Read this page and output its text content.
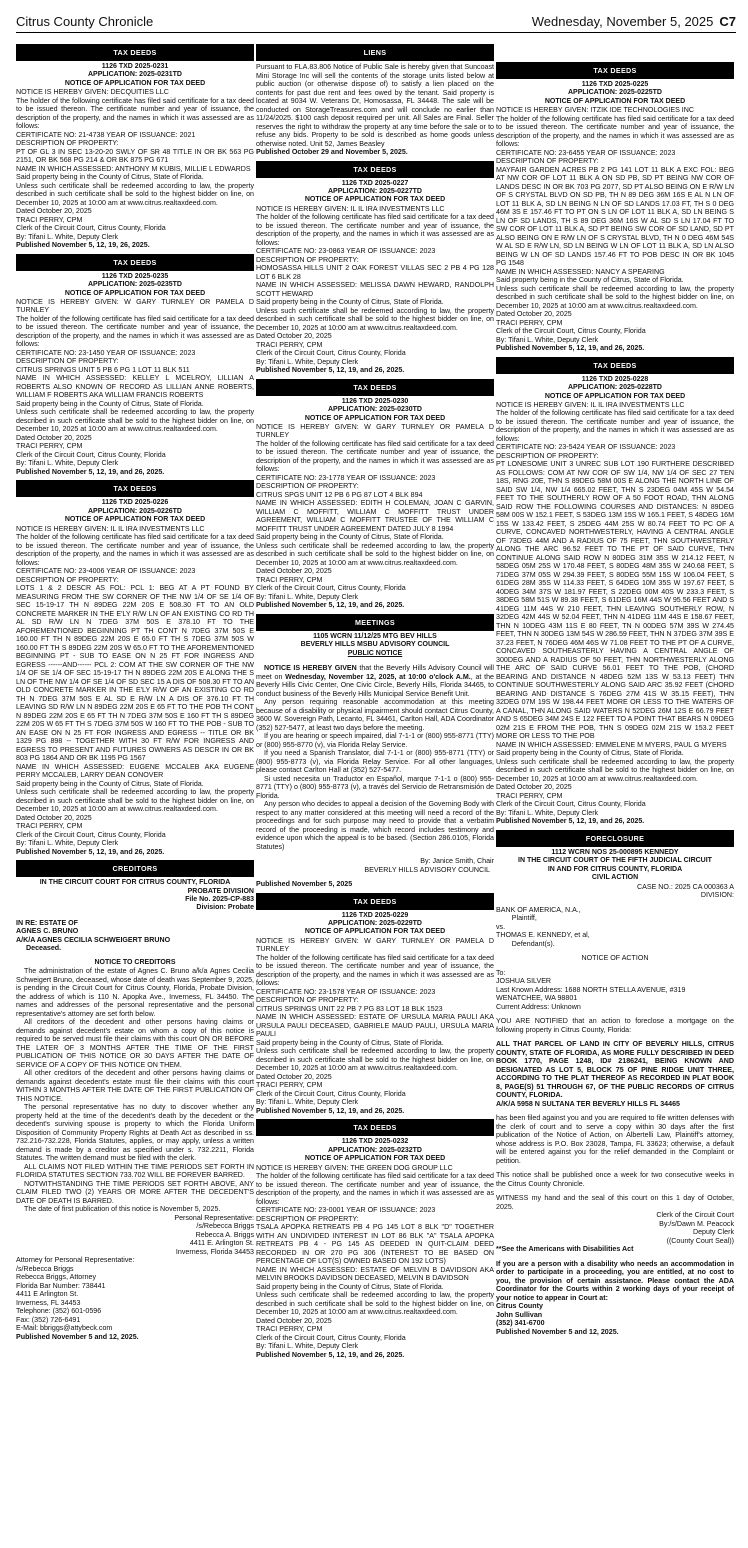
Citrus County Chronicle	Wednesday, November 5, 2025 C7
TAX DEEDS
1126 TXD 2025-0231
APPLICATION: 2025-0231TD
NOTICE OF APPLICATION FOR TAX DEED

NOTICE IS HEREBY GIVEN: DECQUITIES LLC
The holder of the following certificate has filed said certificate for a tax deed to be issued thereon. The certificate number and year of issuance, the description of the property, and the names in which it was assessed are as follows:
CERTIFICATE NO: 21-4738 YEAR OF ISSUANCE: 2021
DESCRIPTION OF PROPERTY:
PT OF GL 3 IN SEC 13-20-20 SWLY OF SR 48 TITLE IN OR BK 563 PG 2151, OR BK 568 PG 214 & OR BK 875 PG 671
NAME IN WHICH ASSESSED: ANTHONY M KUBIS, MILLIE L EDWARDS
Said property being in the County of Citrus, State of Florida.
Unless such certificate shall be redeemed according to law, the property described in such certificate shall be sold to the highest bidder on line, on December 10, 2025 at 10:00 am at www.citrus.realtaxdeed.com.
Dated October 20, 2025
TRACI PERRY, CPM
Clerk of the Circuit Court, Citrus County, Florida
By: Tifani L. White, Deputy Clerk

Published November 5, 12, 19, 26, 2025.

TAX DEEDS
1126 TXD 2025-0235
APPLICATION: 2025-0235TD
NOTICE OF APPLICATION FOR TAX DEED

NOTICE IS HEREBY GIVEN: W GARY TURNLEY OR PAMELA D TURNLEY
The holder of the following certificate has filed said certificate for a tax deed to be issued thereon. The certificate number and year of issuance, the description of the property, and the names in which it was assessed are as follows:
CERTIFICATE NO: 23-1450 YEAR OF ISSUANCE: 2023
DESCRIPTION OF PROPERTY:
CITRUS SPRINGS UNIT 5 PB 6 PG 1 LOT 11 BLK 511
NAME IN WHICH ASSESSED: KELLEY L MCELROY, LILLIAN A ROBERTS ALSO KNOWN OF RECORD AS LILLIAN ANNE ROBERTS, WILLIAM F ROBERTS AKA WILLIAM FRANCIS ROBERTS
Said property being in the County of Citrus, State of Florida.
Unless such certificate shall be redeemed according to law, the property described in such certificate shall be sold to the highest bidder on line, on December 10, 2025 at 10:00 am at www.citrus.realtaxdeed.com.
Dated October 20, 2025
TRACI PERRY, CPM
Clerk of the Circuit Court, Citrus County, Florida
By: Tifani L. White, Deputy Clerk

Published November 5, 12, 19, and 26, 2025.

TAX DEEDS
1126 TXD 2025-0226
APPLICATION: 2025-0226TD
NOTICE OF APPLICATION FOR TAX DEED

NOTICE IS HEREBY GIVEN: IL IL IRA INVESTMENTS LLC
The holder of the following certificate has filed said certificate for a tax deed to be issued thereon. The certificate number and year of issuance, the description of the property, and the names in which it was assessed are as follows:
CERTIFICATE NO: 23-4006 YEAR OF ISSUANCE: 2023
DESCRIPTION OF PROPERTY:
LOTS 1 & 2 DESCR AS FOL: PCL 1: BEG AT A PT FOUND BY MEASURING FROM THE SW CORNER OF THE NW 1/4 OF SE 1/4 OF SEC 15-19-17 TH N 89DEG 22M 20S E 508.30 FT TO AN OLD CONCRETE MARKER IN THE E'LY R/W LN OF AN EXISTING CO RD TH AL SD R/W LN N 7DEG 37M 50S E 378.10 FT TO THE AFOREMENTIONED BEGINNING PT TH CONT N 7DEG 37M 50S E 160.00 FT TH N 89DEG 22M 20S E 65.0 FT TH S 7DEG 37M 50S W 160.00 FT TH S 89DEG 22M 20S W 65.0 FT TO THE AFOREMENTIONED BEGINNING PT - SUB TO EASE ON N 25 FT FOR INGRESS AND EGRESS ------AND------ PCL 2: COM AT THE SW CORNER OF THE NW 1/4 OF SE 1/4 OF SEC 15-19-17 TH N 89DEG 22M 20S E ALONG THE S LN OF THE NW 1/4 OF SE 1/4 OF SD SEC 15 A DIS OF 508.30 FT TO AN OLD CONCRETE MARKER IN THE E'LY R/W OF AN EXISTING CO RD TH N 7DEG 37M 50S E AL SD E R/W LN A DIS OF 376.10 FT TH LEAVING SD R/W LN N 89DEG 22M 20S E 65 FT TO THE POB TH CONT N 89DEG 22M 20S E 65 FT TH N 7DEG 37M 50S E 160 FT TH S 89DEG 22M 20S W 65 FT TH S 7DEG 37M 50S W 160 FT TO THE POB - SUB TO AN EASE ON N 25 FT FOR INGRESS AND EGRESS -- TITLE OR BK 1329 PG 898 -- TOGETHER WITH 30 FT R/W FOR INGRESS AND EGRESS TO PRESENT AND FUTURES OWNERS AS DESCR IN OR BK 803 PG 1864 AND OR BK 1195 PG 1567
NAME IN WHICH ASSESSED: EUGENE MCCALEB AKA EUGENE PERRY MCCALEB, LARRY DEAN CONOVER
Said property being in the County of Citrus, State of Florida.
Unless such certificate shall be redeemed according to law, the property described in such certificate shall be sold to the highest bidder on line, on December 10, 2025 at 10:00 am at www.citrus.realtaxdeed.com.
Dated October 20, 2025
TRACI PERRY, CPM
Clerk of the Circuit Court, Citrus County, Florida
By: Tifani L. White, Deputy Clerk

Published November 5, 12, 19, and 26, 2025.

CREDITORS
IN THE CIRCUIT COURT FOR CITRUS COUNTY, FLORIDA
PROBATE DIVISION
File No. 2025-CP-883
Division: Probate
IN RE: ESTATE OF
AGNES C. BRUNO
A/K/A AGNES CECILIA SCHWEIGERT BRUNO
Deceased.
NOTICE TO CREDITORS

The administration of the estate of Agnes C. Bruno a/k/a Agnes Cecilia Schweigert Bruno, deceased, whose date of death was September 9, 2025, is pending in the Circuit Court for Citrus County, Florida, Probate Division, the address of which is 110 N. Apopka Ave., Inverness, FL 34450. The names and addresses of the personal representative and the personal representative's attorney are set forth below.

All creditors of the decedent and other persons having claims or demands against decedent's estate on whom a copy of this notice is required to be served must file their claims with this court ON OR BEFORE THE LATER OF 3 MONTHS AFTER THE TIME OF THE FIRST PUBLICATION OF THIS NOTICE OR 30 DAYS AFTER THE DATE OF SERVICE OF A COPY OF THIS NOTICE ON THEM.

All other creditors of the decedent and other persons having claims or demands against decedent's estate must file their claims with this court WITHIN 3 MONTHS AFTER THE DATE OF THE FIRST PUBLICATION OF THIS NOTICE.

The personal representative has no duty to discover whether any property held at the time of the decedent's death by the decedent or the decedent's surviving spouse is property to which the Florida Uniform Disposition of Community Property Rights at Death Act as described in ss. 732.216-732.228, Florida Statutes, applies, or may apply, unless a written demand is made by a creditor as specified under s. 732.2211, Florida Statutes. The written demand must be filed with the clerk.

ALL CLAIMS NOT FILED WITHIN THE TIME PERIODS SET FORTH IN FLORIDA STATUTES SECTION 733.702 WILL BE FOREVER BARRED.

NOTWITHSTANDING THE TIME PERIODS SET FORTH ABOVE, ANY CLAIM FILED TWO (2) YEARS OR MORE AFTER THE DECEDENT'S DATE OF DEATH IS BARRED.

The date of first publication of this notice is November 5, 2025.

Personal Representative:

/s/Rebecca Briggs

Rebecca A. Briggs

4411 E. Arlington St.

Inverness, Florida 34453

Attorney for Personal Representative:
/s/Rebecca Briggs
Rebecca Briggs, Attorney
Florida Bar Number: 738441
4411 E Arlington St.
Inverness, FL 34453
Telephone: (352) 601-0596
Fax: (352) 726-6491
E-Mail: bbriggs@attybeck.com

Published November 5 and 12, 2025.

LIENS

Pursuant to FLA.83.806 Notice of Public Sale is hereby given that Suncoast Mini Storage Inc will sell the contents of the storage units listed below at public auction (or otherwise dispose of) to satisfy a lien placed on the contents for past due rent and fees owed by the tenant. Said property is located at 9034 W. Veterans Dr, Homosassa, FL 34448. The sale will be conducted on StorageTreasures.com and will conclude no earlier than 11/24/2025. $100 cash deposit required per unit. All Sales are Final. Seller reserves the right to withdraw the property at any time before the sale or to refuse any bids. Property to be sold is described as home goods unless otherwise noted. Unit 52, James Beasley

Published October 29 and November 5, 2025.

TAX DEEDS
1126 TXD 2025-0227
APPLICATION: 2025-0227TD
NOTICE OF APPLICATION FOR TAX DEED

NOTICE IS HEREBY GIVEN: IL IL IRA INVESTMENTS LLC
The holder of the following certificate has filed said certificate for a tax deed to be issued thereon. The certificate number and year of issuance, the description of the property, and the names in which it was assessed are as follows:
CERTIFICATE NO: 23-0863 YEAR OF ISSUANCE: 2023
DESCRIPTION OF PROPERTY:
HOMOSASSA HILLS UNIT 2 OAK FOREST VILLAS SEC 2 PB 4 PG 128 LOT 6 BLK 28
NAME IN WHICH ASSESSED: MELISSA DAWN HEWARD, RANDOLPH SCOTT HEWARD
Said property being in the County of Citrus, State of Florida.
Unless such certificate shall be redeemed according to law, the property described in such certificate shall be sold to the highest bidder on line, on December 10, 2025 at 10:00 am at www.citrus.realtaxdeed.com.
Dated October 20, 2025
TRACI PERRY, CPM
Clerk of the Circuit Court, Citrus County, Florida
By: Tifani L. White, Deputy Clerk

Published November 5, 12, 19, and 26, 2025.

TAX DEEDS
1126 TXD 2025-0230
APPLICATION: 2025-0230TD
NOTICE OF APPLICATION FOR TAX DEED

NOTICE IS HEREBY GIVEN: W GARY TURNLEY OR PAMELA D TURNLEY
The holder of the following certificate has filed said certificate for a tax deed to be issued thereon. The certificate number and year of issuance, the description of the property, and the names in which it was assessed are as follows:
CERTIFICATE NO: 23-1778 YEAR OF ISSUANCE: 2023
DESCRIPTION OF PROPERTY:
CITRUS SPGS UNIT 12 PB 6 PG 87 LOT 4 BLK 894
NAME IN WHICH ASSESSED: EDITH H COLEMAN, JOAN C GARVIN, WILLIAM C MOFFITT, WILLIAM C MOFFITT TRUST UNDER AGREEMENT, WILLIAM C MOFFITT TRUSTEE OF THE WILLIAM C MOFFITT TRUST UNDER AGREEMENT DATED JULY 8 1994
Said property being in the County of Citrus, State of Florida.
Unless such certificate shall be redeemed according to law, the property described in such certificate shall be sold to the highest bidder on line, on December 10, 2025 at 10:00 am at www.citrus.realtaxdeed.com.
Dated October 20, 2025
TRACI PERRY, CPM
Clerk of the Circuit Court, Citrus County, Florida
By: Tifani L. White, Deputy Clerk

Published November 5, 12, 19, and 26, 2025.

MEETINGS
1105 WCRN 11/12/25 MTG BEV HILLS
BEVERLY HILLS MSBU ADVISORY COUNCIL
PUBLIC NOTICE

NOTICE IS HEREBY GIVEN that the Beverly Hills Advisory Council will meet on Wednesday, November 12, 2025, at 10:00 o'clock A.M., at the Beverly Hills Civic Center, One Civic Circle, Beverly Hills, Florida 34465, to conduct business of the Beverly Hills Municipal Service Benefit Unit.

Any person requiring reasonable accommodation at this meeting because of a disability or physical impairment should contact Citrus County, 3600 W. Sovereign Path, Lecanto, FL 34461, Carlton Hall, ADA Coordinator (352) 527-5477, at least two days before the meeting.

If you are hearing or speech impaired, dial 7-1-1 or (800) 955-8771 (TTY) or (800) 955-8770 (v), via Florida Relay Service.

If you need a Spanish Translator, dial 7-1-1 or (800) 955-8771 (TTY) or (800) 955-8773 (v), via Florida Relay Service. For all other languages, please contact Carlton Hall at (352) 527-5477.

Si usted necesita un Traductor en Español, marque 7-1-1 o (800) 955-8771 (TTY) o (800) 955-8773 (v), a través del Servicio de Retransmisión de Florida.

Any person who decides to appeal a decision of the Governing Body with respect to any matter considered at this meeting will need a record of the proceedings and for such purpose may need to provide that a verbatim record of the proceeding is made, which record includes testimony and evidence upon which the appeal is to be based. (Section 286.0105, Florida Statutes)

By: Janice Smith, Chair

BEVERLY HILLS ADVISORY COUNCIL

Published November 5, 2025

TAX DEEDS
1126 TXD 2025-0229
APPLICATION: 2025-0229TD
NOTICE OF APPLICATION FOR TAX DEED

NOTICE IS HEREBY GIVEN: W GARY TURNLEY OR PAMELA D TURNLEY
The holder of the following certificate has filed said certificate for a tax deed to be issued thereon. The certificate number and year of issuance, the description of the property, and the names in which it was assessed are as follows:
CERTIFICATE NO: 23-1578 YEAR OF ISSUANCE: 2023
DESCRIPTION OF PROPERTY:
CITRUS SPRINGS UNIT 22 PB 7 PG 83 LOT 18 BLK 1523
NAME IN WHICH ASSESSED: ESTATE OF URSULA MARIA PAULI AKA URSULA PAULI DECEASED, GABRIELE MAUD PAULI, URSULA MARIA PAULI
Said property being in the County of Citrus, State of Florida.
Unless such certificate shall be redeemed according to law, the property described in such certificate shall be sold to the highest bidder on line, on December 10, 2025 at 10:00 am at www.citrus.realtaxdeed.com.
Dated October 20, 2025
TRACI PERRY, CPM
Clerk of the Circuit Court, Citrus County, Florida
By: Tifani L. White, Deputy Clerk

Published November 5, 12, 19, and 26, 2025.

TAX DEEDS
1126 TXD 2025-0232
APPLICATION: 2025-0232TD
NOTICE OF APPLICATION FOR TAX DEED

NOTICE IS HEREBY GIVEN: THE GREEN DOG GROUP LLC
The holder of the following certificate has filed said certificate for a tax deed to be issued thereon. The certificate number and year of issuance, the description of the property, and the names in which it was assessed are as follows:
CERTIFICATE NO: 23-0001 YEAR OF ISSUANCE: 2023
DESCRIPTION OF PROPERTY:
TSALA APOPKA RETREATS PB 4 PG 145 LOT 8 BLK "D" TOGETHER WITH AN UNDIVIDED INTEREST IN LOT 86 BLK "A" TSALA APOPKA RETREATS PB 4 - PG 145 AS DEEDED IN QUIT-CLAIM DEED RECORDED IN OR 270 PG 306 (INTEREST TO BE BASED ON PERCENTAGE OF LOT(S) OWNED BASED ON 192 LOTS)
NAME IN WHICH ASSESSED: ESTATE OF MELVIN B DAVIDSON AKA MELVIN BROOKS DAVIDSON DECEASED, MELVIN B DAVIDSON
Said property being in the County of Citrus, State of Florida.
Unless such certificate shall be redeemed according to law, the property described in such certificate shall be sold to the highest bidder on line, on December 10, 2025 at 10:00 am at www.citrus.realtaxdeed.com.
Dated October 20, 2025
TRACI PERRY, CPM
Clerk of the Circuit Court, Citrus County, Florida
By: Tifani L. White, Deputy Clerk

Published November 5, 12, 19, and 26, 2025.

TAX DEEDS
1126 TXD 2025-0225
APPLICATION: 2025-0225TD
NOTICE OF APPLICATION FOR TAX DEED

NOTICE IS HEREBY GIVEN: ITZIK IDE TECHNOLOGIES INC
The holder of the following certificate has filed said certificate for a tax deed to be issued thereon. The certificate number and year of issuance, the description of the property, and the names in which it was assessed are as follows:
CERTIFICATE NO: 23-6455 YEAR OF ISSUANCE: 2023
DESCRIPTION OF PROPERTY:
MAYFAIR GARDEN ACRES PB 2 PG 141 LOT 11 BLK A EXC FOL: BEG AT NW COR OF LOT 11 BLK A ON SD PB, SD PT BEING NW COR OF LANDS DESC IN OR BK 703 PG 2077, SD PT ALSO BEING ON E R/W LN OF S CRYSTAL BLVD ON SD PB, TH N 89 DEG 36M 16S E AL N LN OF LOT 11 BLK A, SD LN BEING N LN OF SD LANDS 17.03 FT, TH S 0 DEG 46M 3S E 157.46 FT TO PT ON S LN OF LOT 11 BLK A, SD LN BEING S LN OF SD LANDS, TH S 89 DEG 36M 16S W AL SD S LN 17.04 FT TO SW COR OF LOT 11 BLK A, SD PT BEING SW COR OF SD LAND, SD PT ALSO BEING ON E R/W LN OF S CRYSTAL BLVD, TH N 0 DEG 46M 54S W AL SD E R/W LN, SD LN BEING W LN OF LOT 11 BLK A, SD LN ALSO BEING W LN OF SD LANDS 157.46 FT TO POB DESC IN OR BK 1045 PG 1548
NAME IN WHICH ASSESSED: NANCY A SPEARING
Said property being in the County of Citrus, State of Florida.
Unless such certificate shall be redeemed according to law, the property described in such certificate shall be sold to the highest bidder on line, on December 10, 2025 at 10:00 am at www.citrus.realtaxdeed.com.
Dated October 20, 2025
TRACI PERRY, CPM
Clerk of the Circuit Court, Citrus County, Florida
By: Tifani L. White, Deputy Clerk

Published November 5, 12, 19, and 26, 2025.

TAX DEEDS
1126 TXD 2025-0228
APPLICATION: 2025-0228TD
NOTICE OF APPLICATION FOR TAX DEED

NOTICE IS HEREBY GIVEN: IL IL IRA INVESTMENTS LLC
The holder of the following certificate has filed said certificate for a tax deed to be issued thereon. The certificate number and year of issuance, the description of the property, and the names in which it was assessed are as follows:
CERTIFICATE NO: 23-5424 YEAR OF ISSUANCE: 2023
DESCRIPTION OF PROPERTY:
PT LONESOME UNIT 3 UNREC SUB LOT 190 FURTHERE DESCRIBED AS FOLLOWS: COM AT NW COR OF SW 1/4, NW 1/4 OF SEC 27 TEN 18S, RNG 20E, THN S 89DEG 58M 00S E ALONG THE NORTH LINE OF SAID SW 1/4, NW 1/4 665.02 FEET, THN S 23DEG 04M 45S W 54.54 FEET TO THE SOUTHERLY ROW OF A 50 FOOT ROAD, THN ALONG SAID ROW THE FOLLOWING COURSES AND DISTANCES: N 89DEG 58M 00S W 152.1 FEET, S 53DEG 13M 15S W 165.1 FEET, S 48DEG 16M 15S W 133.42 FEET, S 25DEG 44M 25S W 80.74 FEET TO PC OF A CURVE, CONCAVED NORTHWESTERLY, HAVING A CENTRAL ANGLE OF 73DEG 44M AND A RADIUS OF 75 FEET, THN SOUTHWESTERLY ALONG THE ARC 96.52 FEET TO THE PT OF SAID CURVE, THN CONTINUE ALONG SAID ROW N 80DEG 31M 35S W 214.12 FEET, N 58DEG 05M 25S W 170.48 FEET, S 80DEG 48M 35S W 240.68 FEET, S 71DEG 37M 05S W 294.39 FEET, S 80DEG 55M 15S W 106.04 FEET, S 61DEG 28M 35S W 114.33 FEET, S 64DEG 10M 35S W 197.67 FEET, S 40DEG 34M 37S W 181.97 FEET, S 22DEG 00M 40S W 233.3 FEET, S 38DEG 58M 51S W 89.38 FEET, S 61DEG 16M 44S W 95.56 FEET AND S 41DEG 11M 44S W 210 FEET, THN LEAVING SOUTHERLY ROW, N 32DEG 42M 44S W 52.04 FEET, THN N 41DEG 11M 44S E 158.67 FEET, THN N 10DEG 43M 11S E 80 FEET, TN N 00DEG 57M 39S W 274.45 FEET, THN N 30DEG 13M 54S W 286.59 FEET, THN N 37DEG 37M 39S E 37.23 FEET, N 76DEG 46M 46S W 71.08 FEET TO THE PT OF A CURVE, CONCAVED SOUTHEASTERLY HAVING A CENTRAL ANGLE OF 300DEG AND A RADIUS OF 50 FEET, THN NORTHWESTERLY ALONG THE ARC OF SAID CURVE 56.01 FEET TO THE POB, (CHORD BEARING AND DISTANCE N 48DEG 52M 13S W 53.13 FEET) THN CONTINUE SOUTHWESTERLY ALONG SAID ARC 35.92 FEET (CHORD BEARING AND DISTANCE S 76DEG 27M 41S W 35.15 FEET), THN 32DEG 07M 19S W 198.44 FEET MORE OR LESS TO THE WATERS OF A CANAL, THN ALONG SAID WATERS N 52DEG 26M 12S E 66.79 FEET AND S 65DEG 34M 24S E 122 FEET TO A POINT THAT BEARS N 09DEG 02M 21S E FROM THE POB, THN S 09DEG 02M 21S W 153.2 FEET MORE OR LESS TO THE POB
NAME IN WHICH ASSESSED: EMMELENE M MYERS, PAUL G MYERS
Said property being in the County of Citrus, State of Florida.
Unless such certificate shall be redeemed according to law, the property described in such certificate shall be sold to the highest bidder on line, on December 10, 2025 at 10:00 am at www.citrus.realtaxdeed.com.
Dated October 20, 2025
TRACI PERRY, CPM
Clerk of the Circuit Court, Citrus County, Florida
By: Tifani L. White, Deputy Clerk

Published November 5, 12, 19, and 26, 2025.

FORECLOSURE
1112 WCRN NOS 25-000895 KENNEDY
IN THE CIRCUIT COURT OF THE FIFTH JUDICIAL CIRCUIT
IN AND FOR CITRUS COUNTY, FLORIDA
CIVIL ACTION

CASE NO.: 2025 CA 000363 A

DIVISION:

BANK OF AMERICA, N.A.,
Plaintiff,
vs.
THOMAS E. KENNEDY, et al,
Defendant(s).

NOTICE OF ACTION

To:
JOSHUA SILVER
Last Known Address: 1688 NORTH STELLA AVENUE, #319 WENATCHEE, WA 98801
Current Address: Unknown

YOU ARE NOTIFIED that an action to foreclose a mortgage on the following property in Citrus County, Florida:

ALL THAT PARCEL OF LAND IN CITY OF BEVERLY HILLS, CITRUS COUNTY, STATE OF FLORIDA, AS MORE FULLY DESCRIBED IN DEED BOOK 1770, PAGE 1248, ID# 2186241, BEING KNOWN AND DESIGNATED AS LOT 5, BLOCK 75 OF PINE RIDGE UNIT THREE, ACCORDING TO THE PLAT THEREOF AS RECORDED IN PLAT BOOK 8, PAGE(S) 51 THROUGH 67, OF THE PUBLIC RECORDS OF CITRUS COUNTY, FLORIDA.
A/K/A 5958 N SULTANA TER BEVERLY HILLS FL 34465

has been filed against you and you are required to file written defenses with the clerk of court and to serve a copy within 30 days after the first publication of the Notice of Action, on Albertelli Law, Plaintiff's attorney, whose address is P.O. Box 23028, Tampa, FL 33623; otherwise, a default will be entered against you for the relief demanded in the Complaint or petition.

This notice shall be published once a week for two consecutive weeks in the Citrus County Chronicle.

WITNESS my hand and the seal of this court on this 1 day of October, 2025.

Clerk of the Circuit Court

By:/s/Dawn M. Peacock

Deputy Clerk

((County Court Seal))

**See the Americans with Disabilities Act

If you are a person with a disability who needs an accommodation in order to participate in a proceeding, you are entitled, at no cost to you, the provision of certain assistance. Please contact the ADA Coordinator for the Courts within 2 working days of your receipt of your notice to appear in Court at:
Citrus County
John Sullivan
(352) 341-6700

Published November 5 and 12, 2025.
